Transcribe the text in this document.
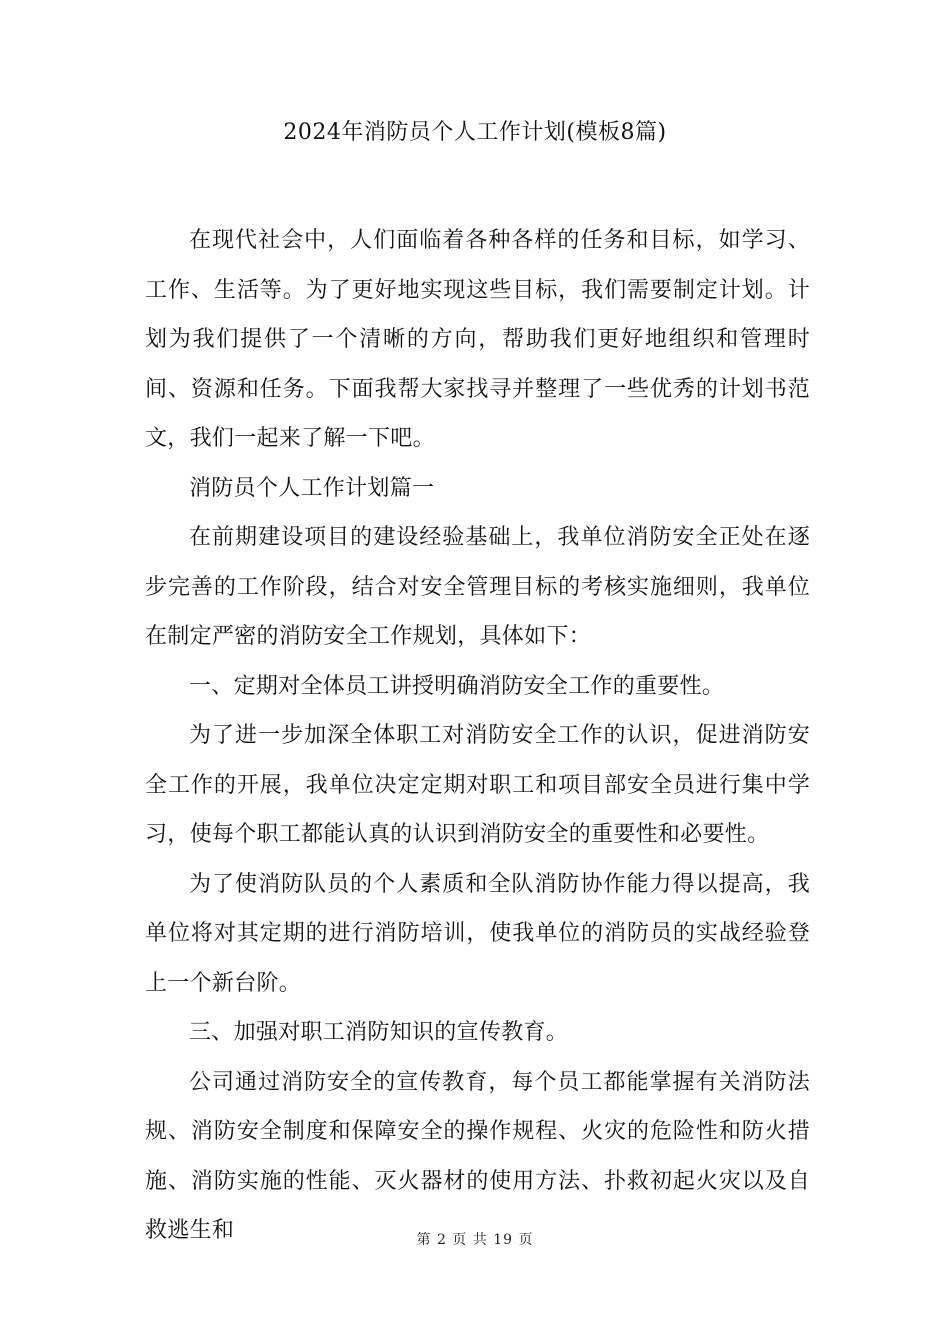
2024年消防员个人工作计划(模板8篇)

在现代社会中，人们面临着各种各样的任务和目标，如学习、工作、生活等。为了更好地实现这些目标，我们需要制定计划。计划为我们提供了一个清晰的方向，帮助我们更好地组织和管理时间、资源和任务。下面我帮大家找寻并整理了一些优秀的计划书范文，我们一起来了解一下吧。

消防员个人工作计划篇一

在前期建设项目的建设经验基础上，我单位消防安全正处在逐步完善的工作阶段，结合对安全管理目标的考核实施细则，我单位在制定严密的消防安全工作规划，具体如下：

一、定期对全体员工讲授明确消防安全工作的重要性。

为了进一步加深全体职工对消防安全工作的认识，促进消防安全工作的开展，我单位决定定期对职工和项目部安全员进行集中学习，使每个职工都能认真的认识到消防安全的重要性和必要性。

为了使消防队员的个人素质和全队消防协作能力得以提高，我单位将对其定期的进行消防培训，使我单位的消防员的实战经验登上一个新台阶。

三、加强对职工消防知识的宣传教育。

公司通过消防安全的宣传教育，每个员工都能掌握有关消防法规、消防安全制度和保障安全的操作规程、火灾的危险性和防火措施、消防实施的性能、灭火器材的使用方法、扑救初起火灾以及自救逃生和	第 2 页 共 19 页
